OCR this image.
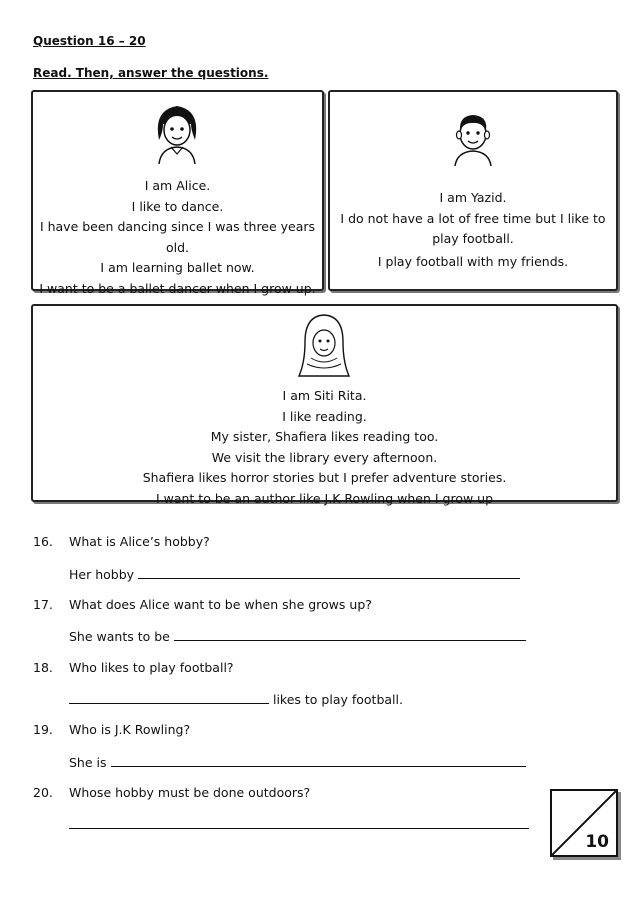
Question 16 – 20
Read. Then, answer the questions.
I am Alice.
I like to dance.
I have been dancing since I was three years
old.
I am learning ballet now.
I want to be a ballet dancer when I grow up.
I am Yazid.
I do not have a lot of free time but I like to
play football.
I play football with my friends.
I am Siti Rita.
I like reading.
My sister, Shafiera likes reading too.
We visit the library every afternoon.
Shafiera likes horror stories but I prefer adventure stories.
I want to be an author like J.K Rowling when I grow up
16. What is Alice’s hobby?
Her hobby
17. What does Alice want to be when she grows up?
She wants to be
18. Who likes to play football?
likes to play football.
19. Who is J.K Rowling?
She is
20. Whose hobby must be done outdoors?
10
